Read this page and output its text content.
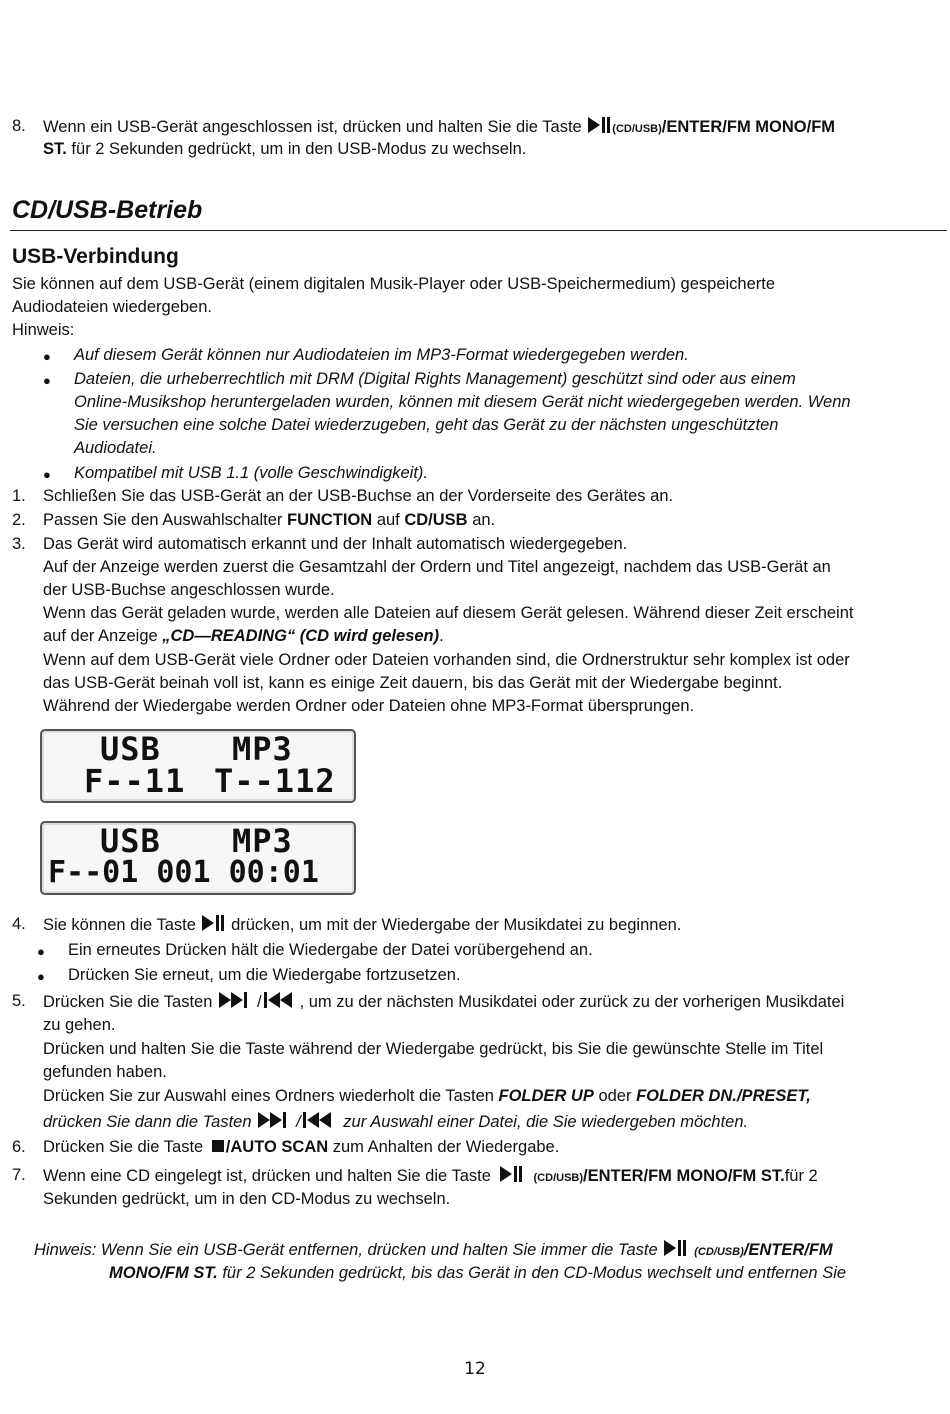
8. Wenn ein USB-Gerät angeschlossen ist, drücken und halten Sie die Taste (CD/USB)/ENTER/FM MONO/FM
ST. für 2 Sekunden gedrückt, um in den USB-Modus zu wechseln.
CD/USB-Betrieb
USB-Verbindung
Sie können auf dem USB-Gerät (einem digitalen Musik-Player oder USB-Speichermedium) gespeicherte
Audiodateien wiedergeben.
Hinweis:
● Auf diesem Gerät können nur Audiodateien im MP3-Format wiedergegeben werden.
● Dateien, die urheberrechtlich mit DRM (Digital Rights Management) geschützt sind oder aus einem
Online-Musikshop heruntergeladen wurden, können mit diesem Gerät nicht wiedergegeben werden. Wenn
Sie versuchen eine solche Datei wiederzugeben, geht das Gerät zu der nächsten ungeschützten
Audiodatei.
● Kompatibel mit USB 1.1 (volle Geschwindigkeit).
1. Schließen Sie das USB-Gerät an der USB-Buchse an der Vorderseite des Gerätes an.
2. Passen Sie den Auswahlschalter FUNCTION auf CD/USB an.
3. Das Gerät wird automatisch erkannt und der Inhalt automatisch wiedergegeben.
Auf der Anzeige werden zuerst die Gesamtzahl der Ordern und Titel angezeigt, nachdem das USB-Gerät an
der USB-Buchse angeschlossen wurde.
Wenn das Gerät geladen wurde, werden alle Dateien auf diesem Gerät gelesen. Während dieser Zeit erscheint
auf der Anzeige „CD—READING“ (CD wird gelesen).
Wenn auf dem USB-Gerät viele Ordner oder Dateien vorhanden sind, die Ordnerstruktur sehr komplex ist oder
das USB-Gerät beinah voll ist, kann es einige Zeit dauern, bis das Gerät mit der Wiedergabe beginnt.
Während der Wiedergabe werden Ordner oder Dateien ohne MP3-Format übersprungen.
USB MP3
F--11 T--112
USB MP3
F--01 001 00:01
4. Sie können die Taste  drücken, um mit der Wiedergabe der Musikdatei zu beginnen.
● Ein erneutes Drücken hält die Wiedergabe der Datei vorübergehend an.
● Drücken Sie erneut, um die Wiedergabe fortzusetzen.
5. Drücken Sie die Tasten / , um zu der nächsten Musikdatei oder zurück zu der vorherigen Musikdatei
zu gehen.
Drücken und halten Sie die Taste während der Wiedergabe gedrückt, bis Sie die gewünschte Stelle im Titel
gefunden haben.
Drücken Sie zur Auswahl eines Ordners wiederholt die Tasten FOLDER UP oder FOLDER DN./PRESET,
drücken Sie dann die Tasten / zur Auswahl einer Datei, die Sie wiedergeben möchten.
6. Drücken Sie die Taste /AUTO SCAN zum Anhalten der Wiedergabe.
7. Wenn eine CD eingelegt ist, drücken und halten Sie die Taste	(CD/USB)/ENTER/FM MONO/FM ST.für 2
Sekunden gedrückt, um in den CD-Modus zu wechseln.
Hinweis: Wenn Sie ein USB-Gerät entfernen, drücken und halten Sie immer die Taste	(CD/USB)/ENTER/FM
MONO/FM ST. für 2 Sekunden gedrückt, bis das Gerät in den CD-Modus wechselt und entfernen Sie
12
